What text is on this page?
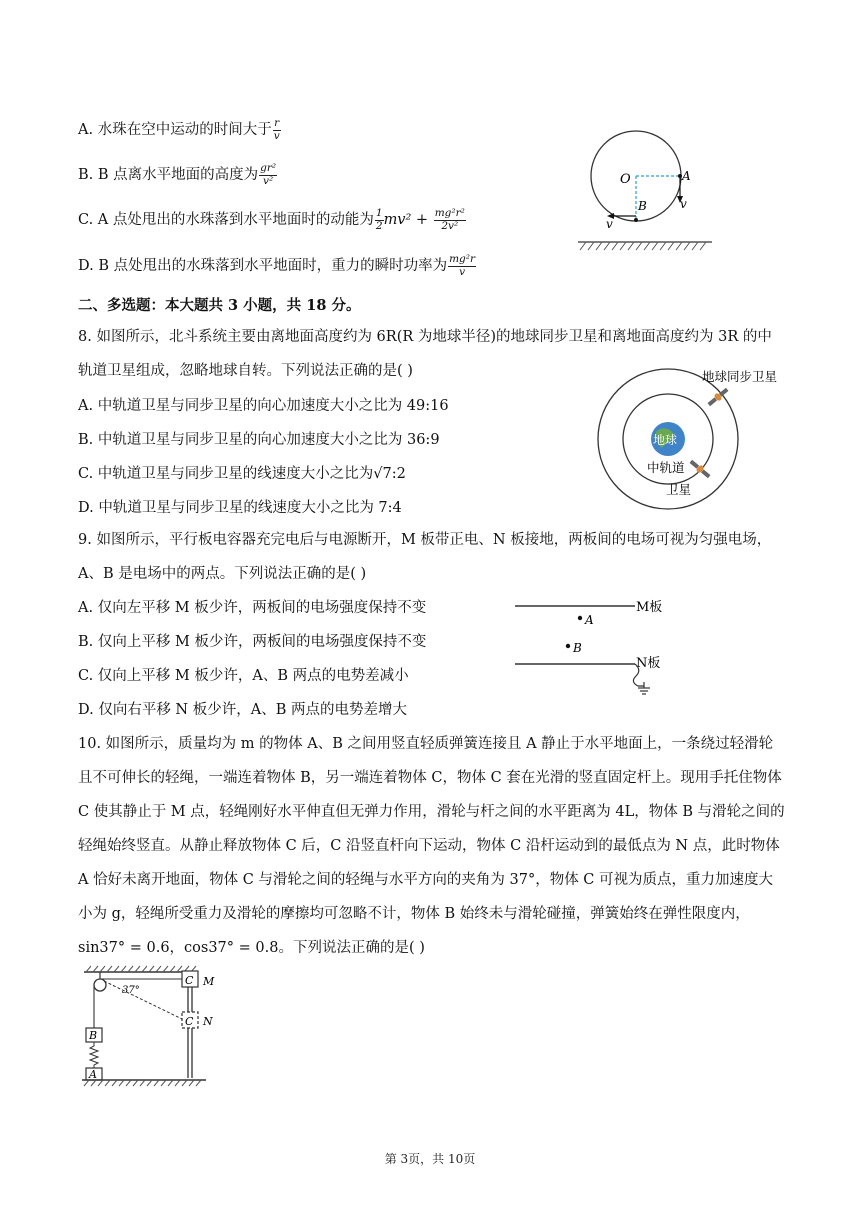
A. 水珠在空中运动的时间大于 $\frac{r}{v}$
B. B 点离水平地面的高度为 $\frac{\text{gr²}}{\text{v²}}$
C. A 点处甩出的水珠落到水平地面时的动能为 $\frac{1}{2} mv^2 + \frac{\text{mg²r²}}{\text{2v²}}$
D. B 点处甩出的水珠落到水平地面时，重力的瞬时功率为 $\frac{\text{mg²r}}{v}$
O	A
B	v
v
二、多选题：本大题共 3 小题，共 18 分。
8. 如图所示，北斗系统主要由离地面高度约为 6R(R 为地球半径)的地球同步卫星和离地面高度约为 3R 的中轨道卫星组成，忽略地球自转。下列说法正确的是( )
A. 中轨道卫星与同步卫星的向心加速度大小之比为 49:16
B. 中轨道卫星与同步卫星的向心加速度大小之比为 36:9
C. 中轨道卫星与同步卫星的线速度大小之比为√7:2
D. 中轨道卫星与同步卫星的线速度大小之比为 7:4
地球
地球同步卫星
中轨道
卫星
9. 如图所示，平行板电容器充完电后与电源断开，M 板带正电、N 板接地，两板间的电场可视为匀强电场，A、B 是电场中的两点。下列说法正确的是( )
A. 仅向左平移 M 板少许，两板间的电场强度保持不变
B. 仅向上平移 M 板少许，两板间的电场强度保持不变
C. 仅向上平移 M 板少许，A、B 两点的电势差减小
D. 仅向右平移 N 板少许，A、B 两点的电势差增大
M板
A
B
N板
10. 如图所示，质量均为 m 的物体 A、B 之间用竖直轻质弹簧连接且 A 静止于水平地面上，一条绕过轻滑轮且不可伸长的轻绳，一端连着物体 B，另一端连着物体 C，物体 C 套在光滑的竖直固定杆上。现用手托住物体 C 使其静止于 M 点，轻绳刚好水平伸直但无弹力作用，滑轮与杆之间的水平距离为 4L，物体 B 与滑轮之间的轻绳始终竖直。从静止释放物体 C 后，C 沿竖直杆向下运动，物体 C 沿杆运动到的最低点为 N 点，此时物体 A 恰好未离开地面，物体 C 与滑轮之间的轻绳与水平方向的夹角为 37°，物体 C 可视为质点，重力加速度大小为 g，轻绳所受重力及滑轮的摩擦均可忽略不计，物体 B 始终未与滑轮碰撞，弹簧始终在弹性限度内，sin37° = 0.6，cos37° = 0.8。下列说法正确的是( )
37°
C M
C N
B
A
第 3页，共 10页
